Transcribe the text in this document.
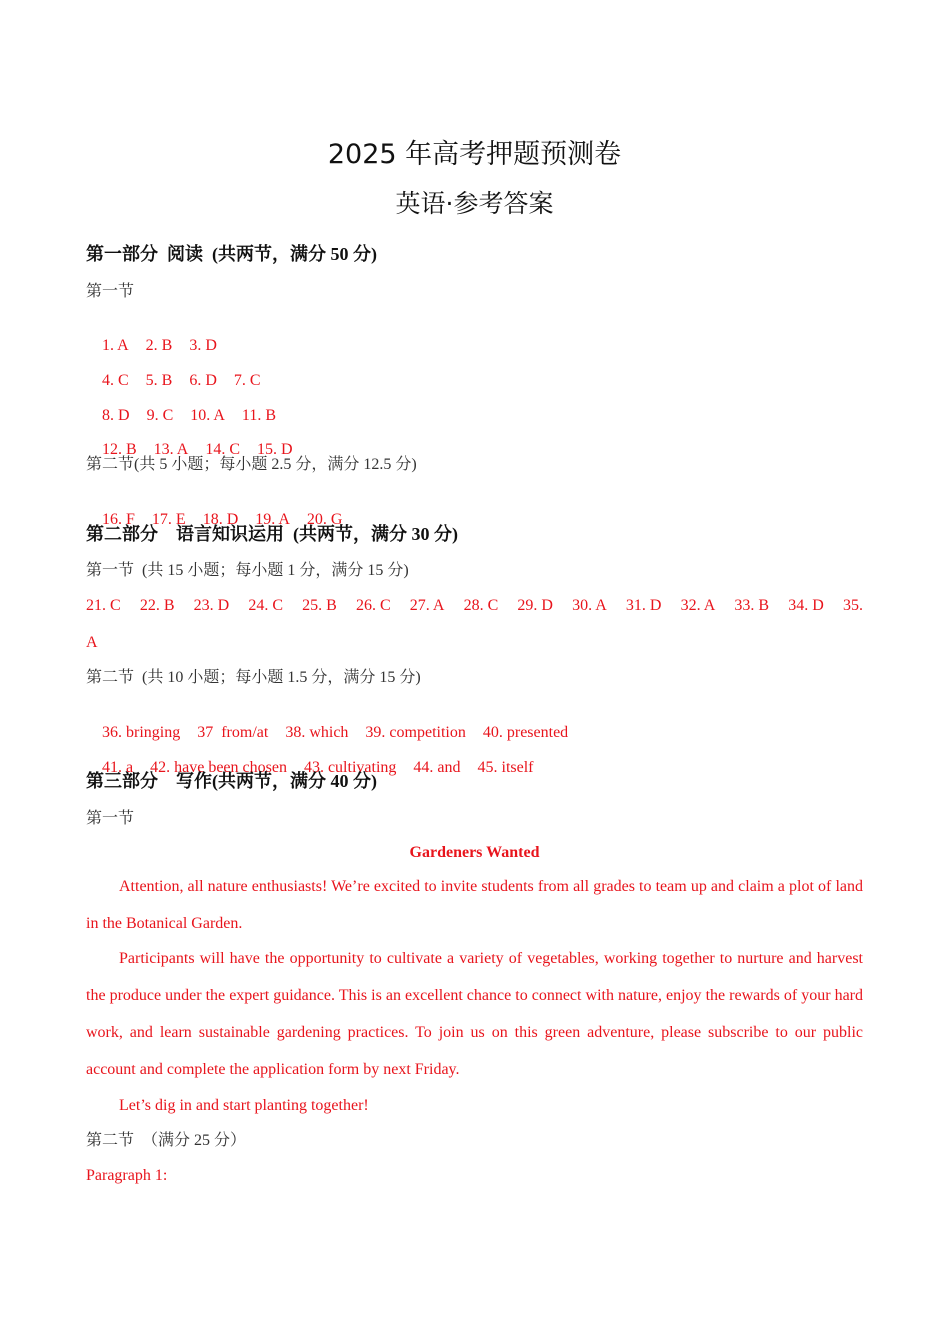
2025 年高考押题预测卷
英语·参考答案
第一部分  阅读  (共两节，满分 50 分)
第一节

1. A 2. B 3. D

4. C 5. B 6. D 7. C

8. D 9. C 10. A 11. B

12. B 13. A 14. C 15. D

第二节(共 5 小题；每小题 2.5 分，满分 12.5 分)

16. F 17. E 18. D 19. A 20. G

第二部分    语言知识运用  (共两节，满分 30 分)
第一节  (共 15 小题；每小题 1 分，满分 15 分)
21. C 22. B 23. D 24. C 25. B 26. C 27. A 28. C 29. D 30. A 31. D 32. A 33. B 34. D 35.
A
第二节  (共 10 小题；每小题 1.5 分，满分 15 分)

36. bringing 37  from/at 38. which 39. competition 40. presented

41. a 42. have been chosen 43. cultivating 44. and 45. itself

第三部分    写作(共两节，满分 40 分)
第一节
Gardeners Wanted
Attention, all nature enthusiasts! We’re excited to invite students from all grades to team up and claim a plot of land in the Botanical Garden.
Participants will have the opportunity to cultivate a variety of vegetables, working together to nurture and harvest the produce under the expert guidance. This is an excellent chance to connect with nature, enjoy the rewards of your hard work, and learn sustainable gardening practices. To join us on this green adventure, please subscribe to our public account and complete the application form by next Friday.
Let’s dig in and start planting together!
第二节  （满分 25 分）
Paragraph 1:
